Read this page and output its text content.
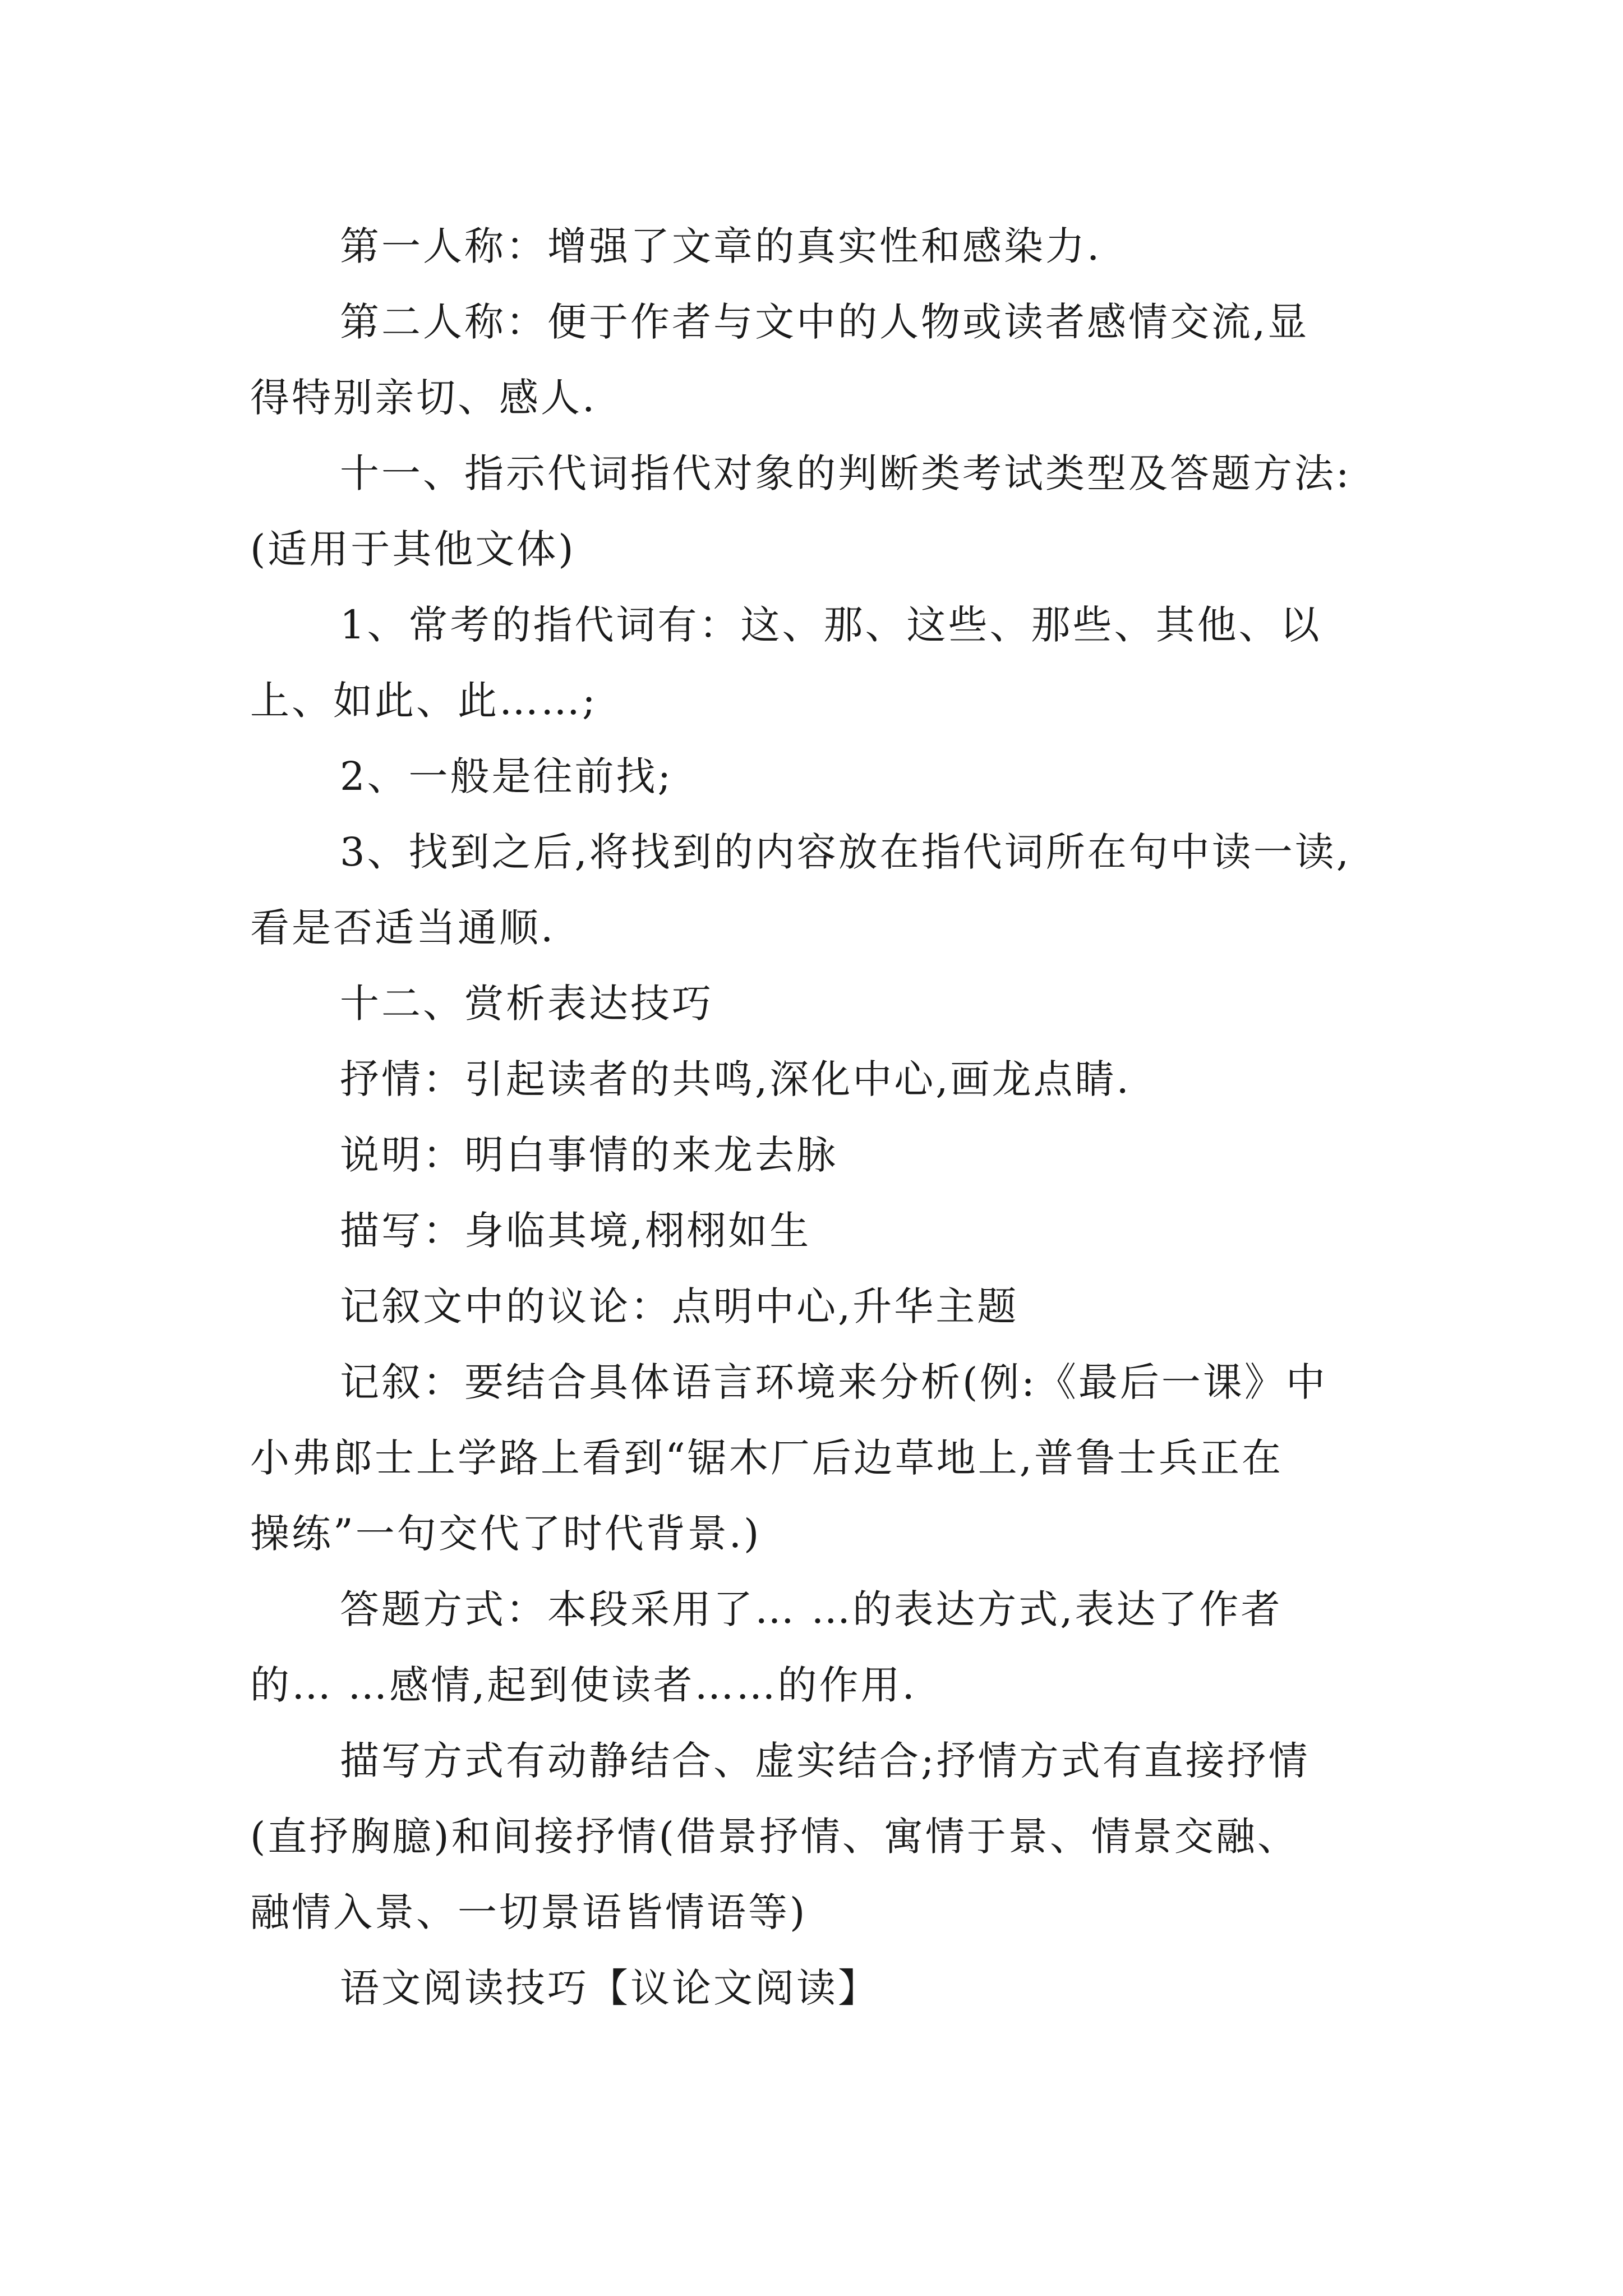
第一人称：增强了文章的真实性和感染力.
第二人称：便于作者与文中的人物或读者感情交流,显
得特别亲切、感人.
十一、指示代词指代对象的判断类考试类型及答题方法:
(适用于其他文体)
1、常考的指代词有：这、那、这些、那些、其他、以
上、如此、此……;
2、一般是往前找;
3、找到之后,将找到的内容放在指代词所在句中读一读,
看是否适当通顺.
十二、赏析表达技巧
抒情：引起读者的共鸣,深化中心,画龙点睛.
说明：明白事情的来龙去脉
描写：身临其境,栩栩如生
记叙文中的议论：点明中心,升华主题
记叙：要结合具体语言环境来分析(例:《最后一课》中
小弗郎士上学路上看到“锯木厂后边草地上,普鲁士兵正在
操练”一句交代了时代背景.)
答题方式：本段采用了… …的表达方式,表达了作者
的… …感情,起到使读者……的作用.
描写方式有动静结合、虚实结合;抒情方式有直接抒情
(直抒胸臆)和间接抒情(借景抒情、寓情于景、情景交融、
融情入景、一切景语皆情语等)
语文阅读技巧【议论文阅读】
